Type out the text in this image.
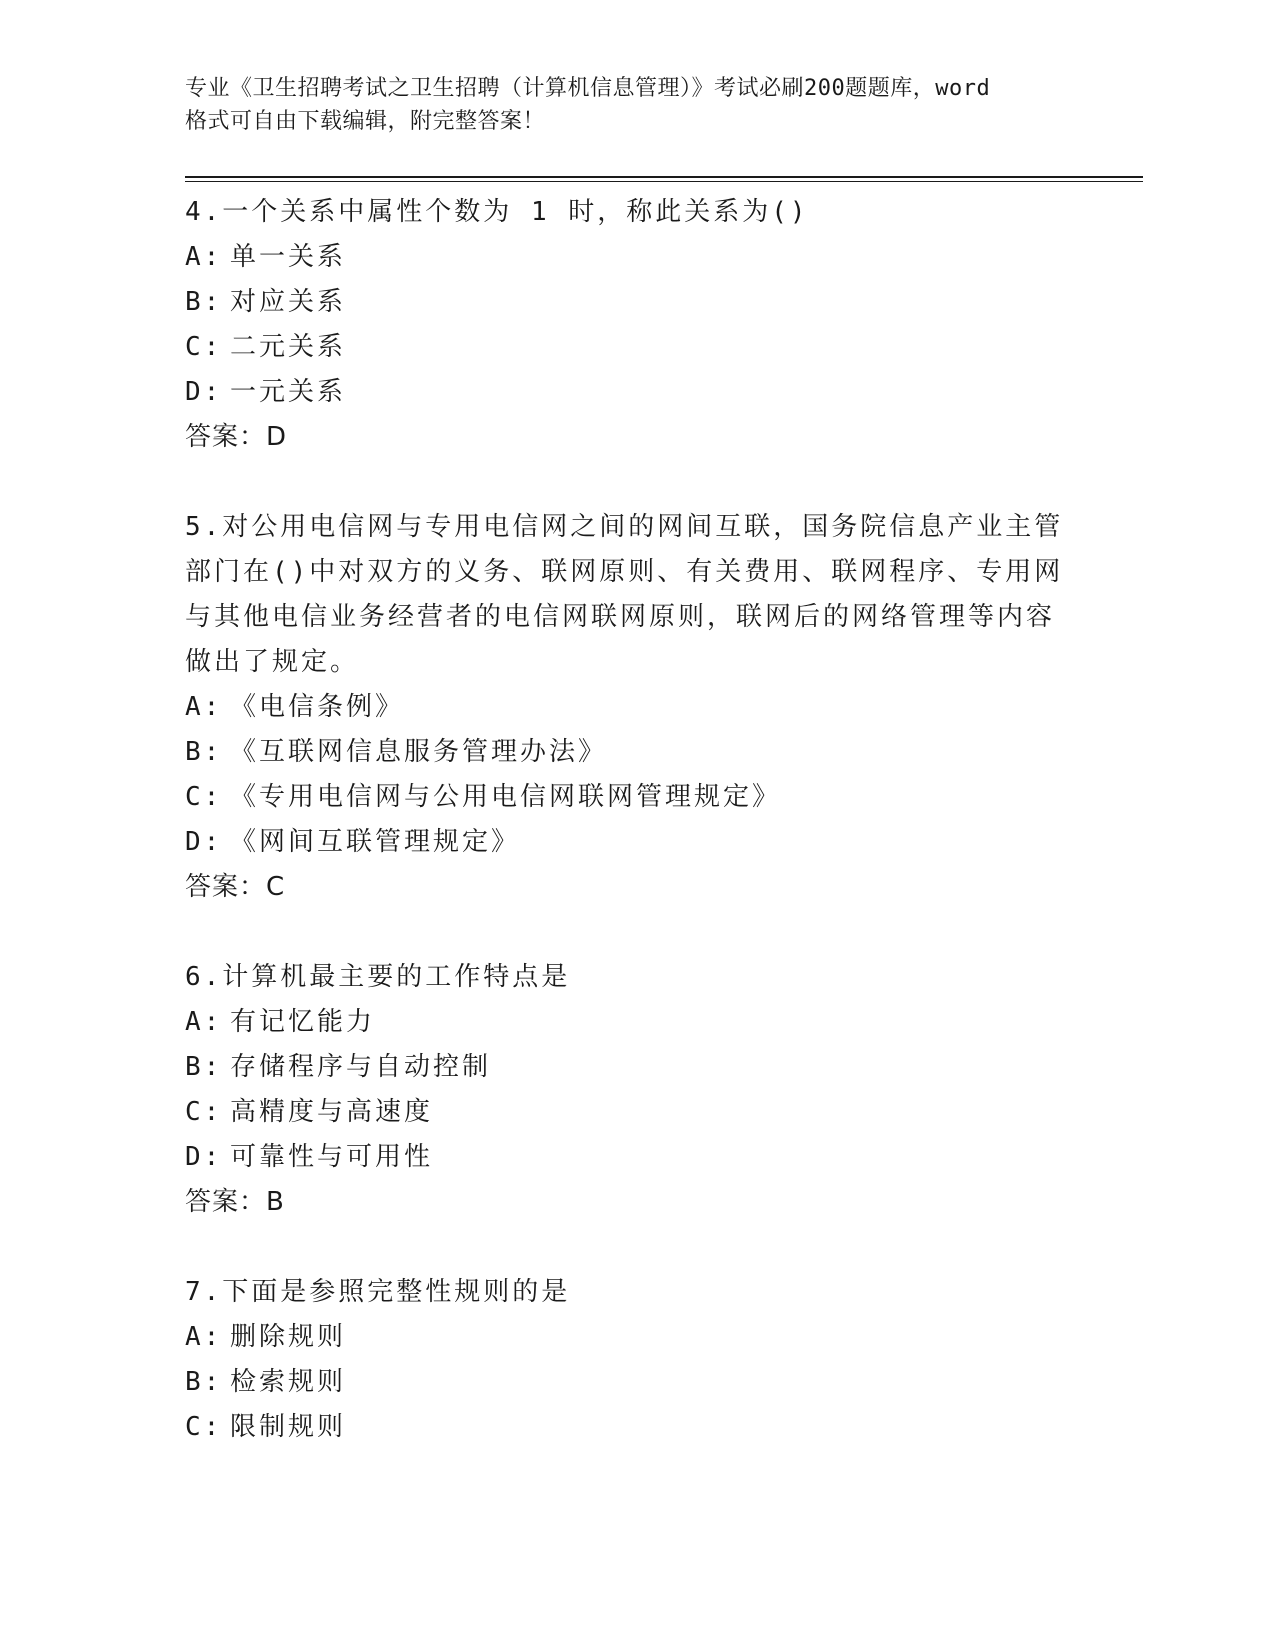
专业《卫生招聘考试之卫生招聘（计算机信息管理）》考试必刷200题题库，word
格式可自由下载编辑，附完整答案！
4.一个关系中属性个数为 1 时，称此关系为()
A: 单一关系
B: 对应关系
C: 二元关系
D: 一元关系
答案：D
5.对公用电信网与专用电信网之间的网间互联，国务院信息产业主管
部门在()中对双方的义务、联网原则、有关费用、联网程序、专用网
与其他电信业务经营者的电信网联网原则，联网后的网络管理等内容
做出了规定。
A: 《电信条例》
B: 《互联网信息服务管理办法》
C: 《专用电信网与公用电信网联网管理规定》
D: 《网间互联管理规定》
答案：C
6.计算机最主要的工作特点是
A: 有记忆能力
B: 存储程序与自动控制
C: 高精度与高速度
D: 可靠性与可用性
答案：B
7.下面是参照完整性规则的是
A: 删除规则
B: 检索规则
C: 限制规则
